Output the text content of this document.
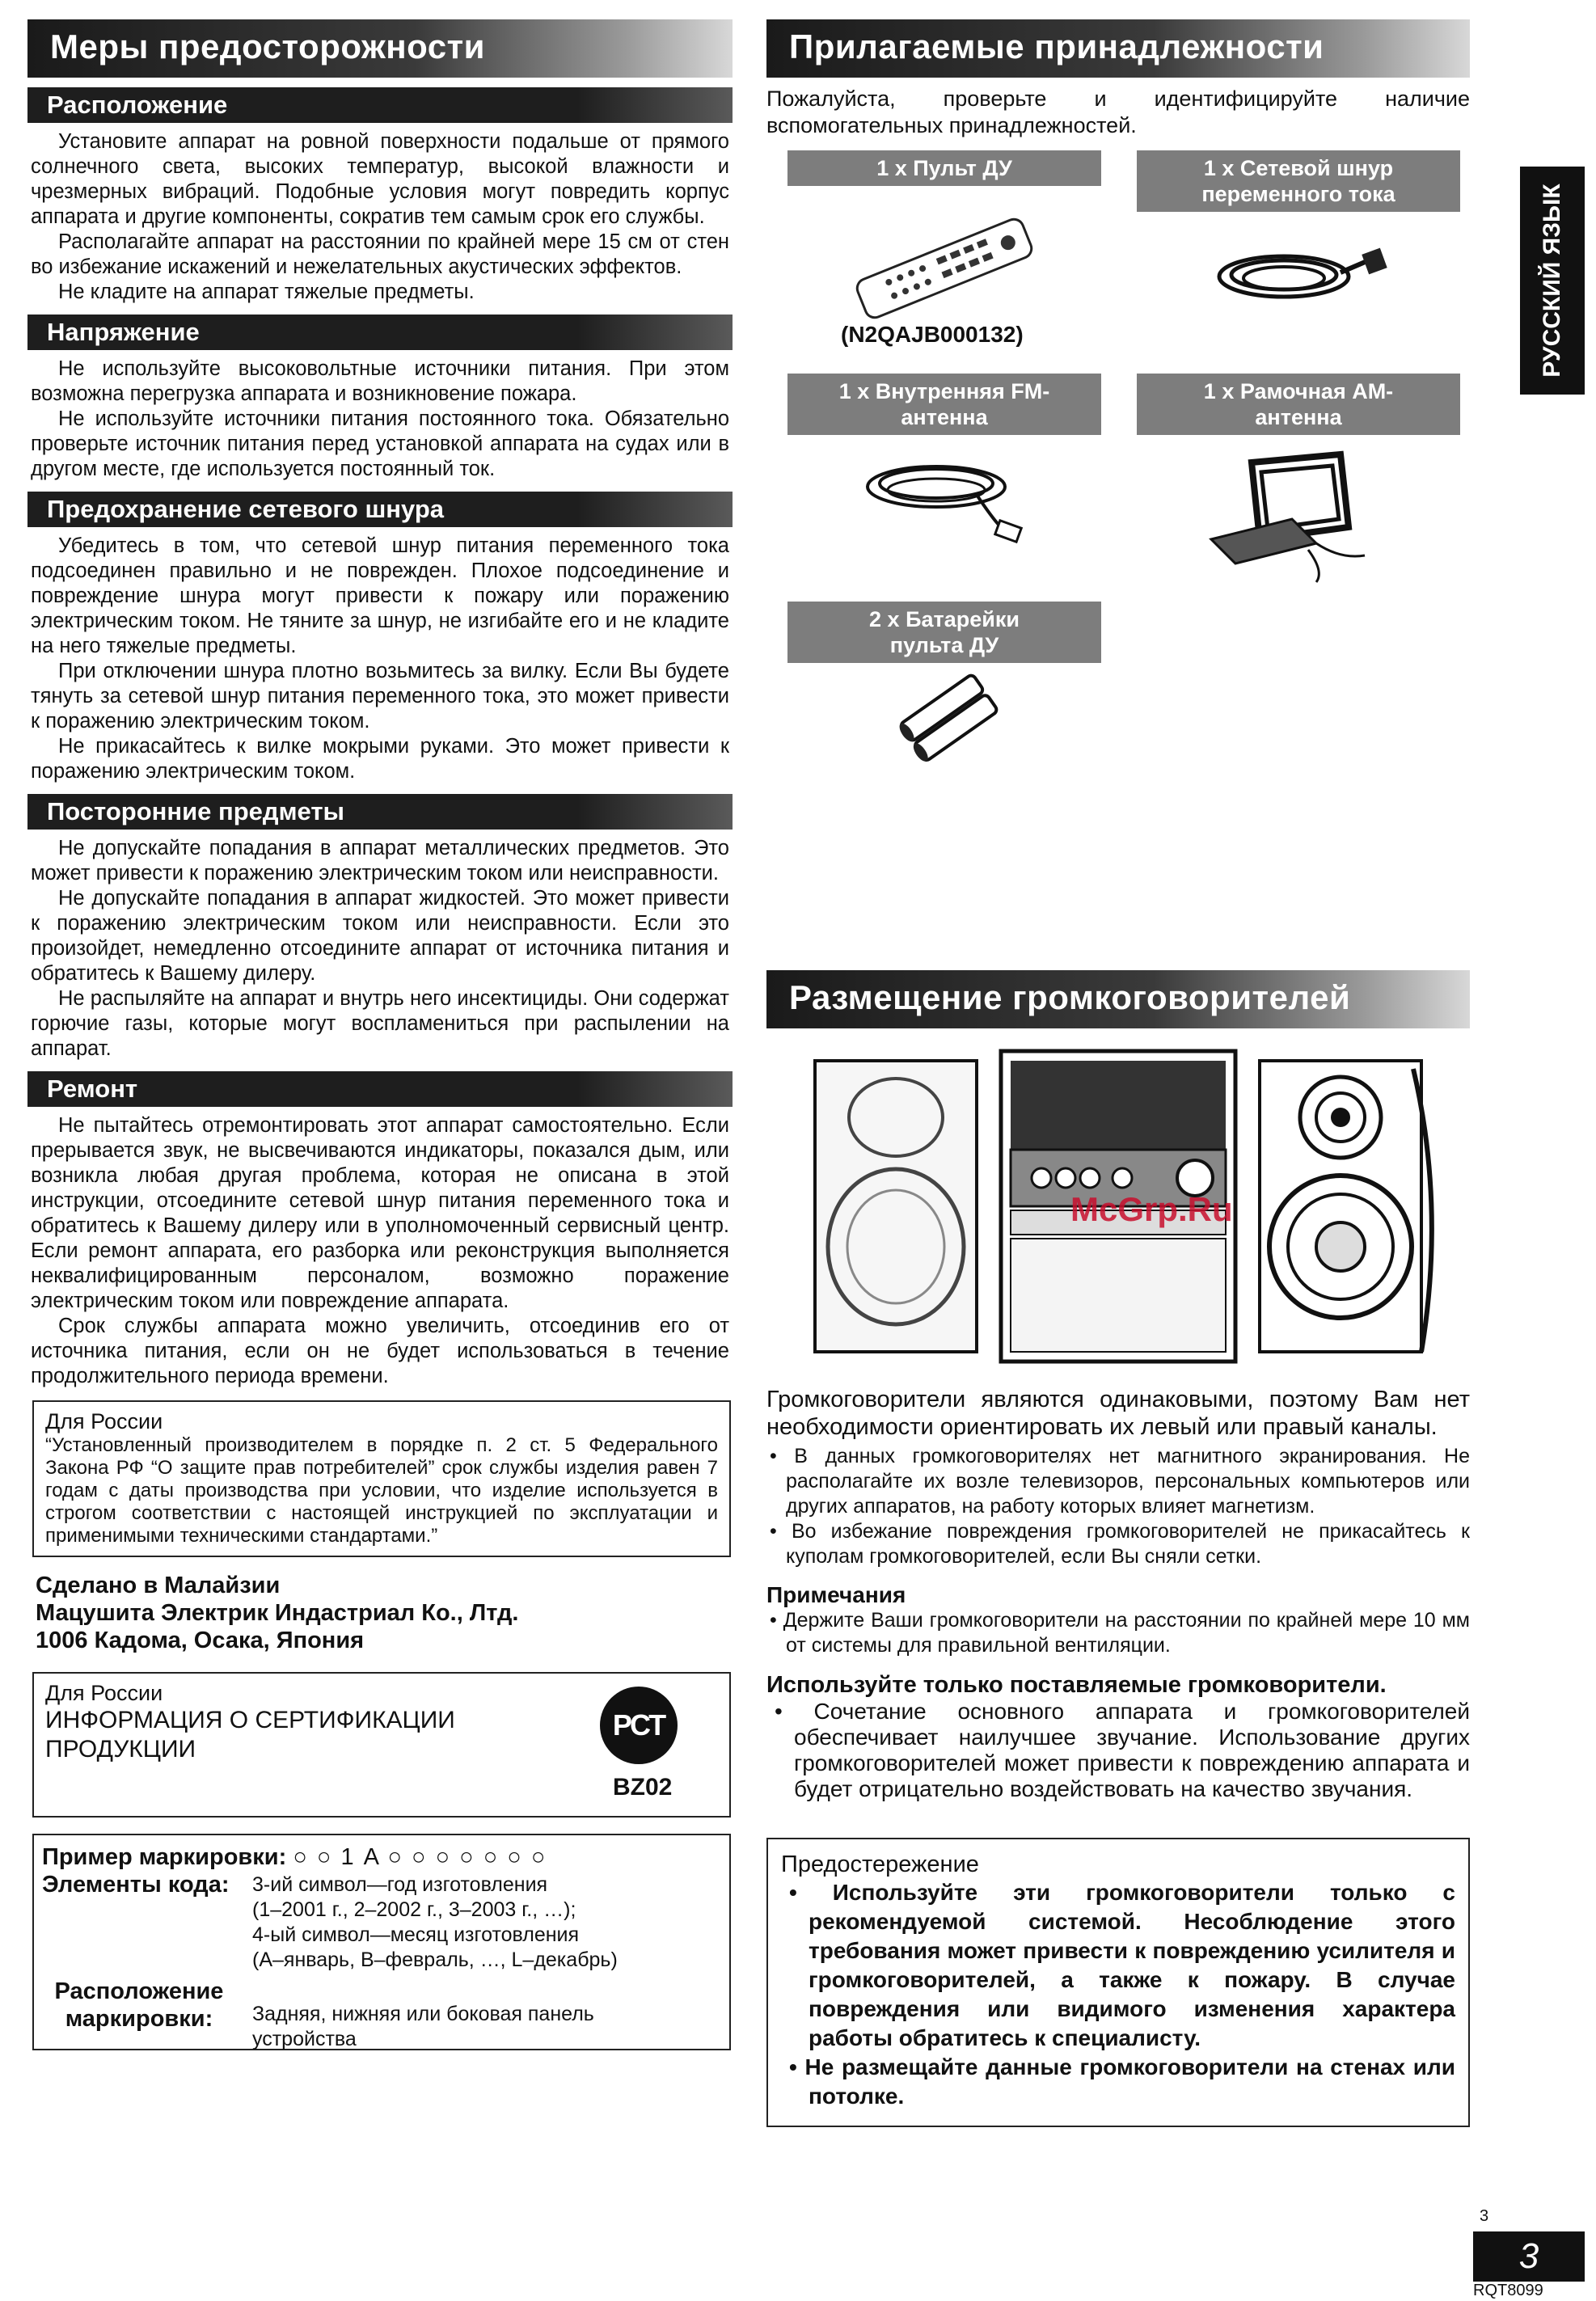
Меры предосторожности
Расположение

Установите аппарат на ровной поверхности подальше от прямого солнечного света, высоких температур, высокой влажности и чрезмерных вибраций. Подобные условия могут повредить корпус аппарата и другие компоненты, сократив тем самым срок его службы.

Располагайте аппарат на расстоянии по крайней мере 15 см от стен во избежание искажений и нежелательных акустических эффектов.

Не кладите на аппарат тяжелые предметы.

Напряжение

Не используйте высоковольтные источники питания. При этом возможна перегрузка аппарата и возникновение пожара.

Не используйте источники питания постоянного тока. Обязательно проверьте источник питания перед установкой аппарата на судах или в другом месте, где используется постоянный ток.

Предохранение сетевого шнура

Убедитесь в том, что сетевой шнур питания переменного тока подсоединен правильно и не поврежден. Плохое подсоединение и повреждение шнура могут привести к пожару или поражению электрическим током. Не тяните за шнур, не изгибайте его и не кладите на него тяжелые предметы.

При отключении шнура плотно возьмитесь за вилку. Если Вы будете тянуть за сетевой шнур питания переменного тока, это может привести к поражению электрическим током.

Не прикасайтесь к вилке мокрыми руками. Это может привести к поражению электрическим током.

Посторонние предметы

Не допускайте попадания в аппарат металлических предметов. Это может привести к поражению электрическим током или неисправности.

Не допускайте попадания в аппарат жидкостей. Это может привести к поражению электрическим током или неисправности. Если это произойдет, немедленно отсоедините аппарат от источника питания и обратитесь к Вашему дилеру.

Не распыляйте на аппарат и внутрь него инсектициды. Они содержат горючие газы, которые могут воспламениться при распылении на аппарат.

Ремонт

Не пытайтесь отремонтировать этот аппарат самостоятельно. Если прерывается звук, не высвечиваются индикаторы, показался дым, или возникла любая другая проблема, которая не описана в этой инструкции, отсоедините сетевой шнур питания переменного тока и обратитесь к Вашему дилеру или в уполномоченный сервисный центр. Если ремонт аппарата, его разборка или реконструкция выполняется неквалифицированным персоналом, возможно поражение электрическим током или повреждение аппарата.

Срок службы аппарата можно увеличить, отсоединив его от источника питания, если он не будет использоваться в течение продолжительного периода времени.

Для России
“Установленный производителем в порядке п. 2 ст. 5 Федерального Закона РФ “О защите прав потребителей” срок службы изделия равен 7 годам с даты производства при условии, что изделие используется в строгом соответствии с настоящей инструкцией по эксплуатации и применимыми техническими стандартами.”
Сделано в Малайзии
Мацушита Электрик Индастриал Ко., Лтд.
1006 Кадома, Осака, Япония
Для России
ИНФОРМАЦИЯ О СЕРТИФИКАЦИИ
ПРОДУКЦИИ
РСТ
BZ02
Пример маркировки: ○ ○ 1 A ○ ○ ○ ○ ○ ○ ○
Элементы кода: 3-ий символ—год изготовления
(1–2001 г., 2–2002 г., 3–2003 г., …);
4-ый символ—месяц изготовления
(А–январь, В–февраль, …, L–декабрь)
Расположение
маркировки:	Задняя, нижняя или боковая панель
устройства
Прилагаемые принадлежности

Пожалуйста, проверьте и идентифицируйте наличие вспомогательных принадлежностей.

1 x Пульт ДУ
(N2QAJB000132)
1 x Сетевой шнур
переменного тока
1 x Внутренняя FM-
антенна
1 x Рамочная AM-
антенна
2 x Батарейки
пульта ДУ
Размещение громкоговорителей
McGrp.Ru

Громкоговорители являются одинаковыми, поэтому Вам нет необходимости ориентировать их левый или правый каналы.

• В данных громкоговорителях нет магнитного экранирования. Не располагайте их возле телевизоров, персональных компьютеров или других аппаратов, на работу которых влияет магнетизм.
• Во избежание повреждения громкоговорителей не прикасайтесь к куполам громкоговорителей, если Вы сняли сетки.
Примечания
• Держите Ваши громкоговорители на расстоянии по крайней мере 10 мм от системы для правильной вентиляции.
Используйте только поставляемые громковорители.
• Сочетание основного аппарата и громкоговорителей обеспечивает наилучшее звучание. Использование других громкоговорителей может привести к повреждению аппарата и будет отрицательно воздействовать на качество звучания.
Предостережение
• Используйте эти громкоговорители только с рекомендуемой системой. Несоблюдение этого требования может привести к повреждению усилителя и громкоговорителей, а также к пожару. В случае повреждения или видимого изменения характера работы обратитесь к специалисту.
• Не размещайте данные громкоговорители на стенах или потолке.
РУССКИЙ ЯЗЫК
3
3
RQT8099
